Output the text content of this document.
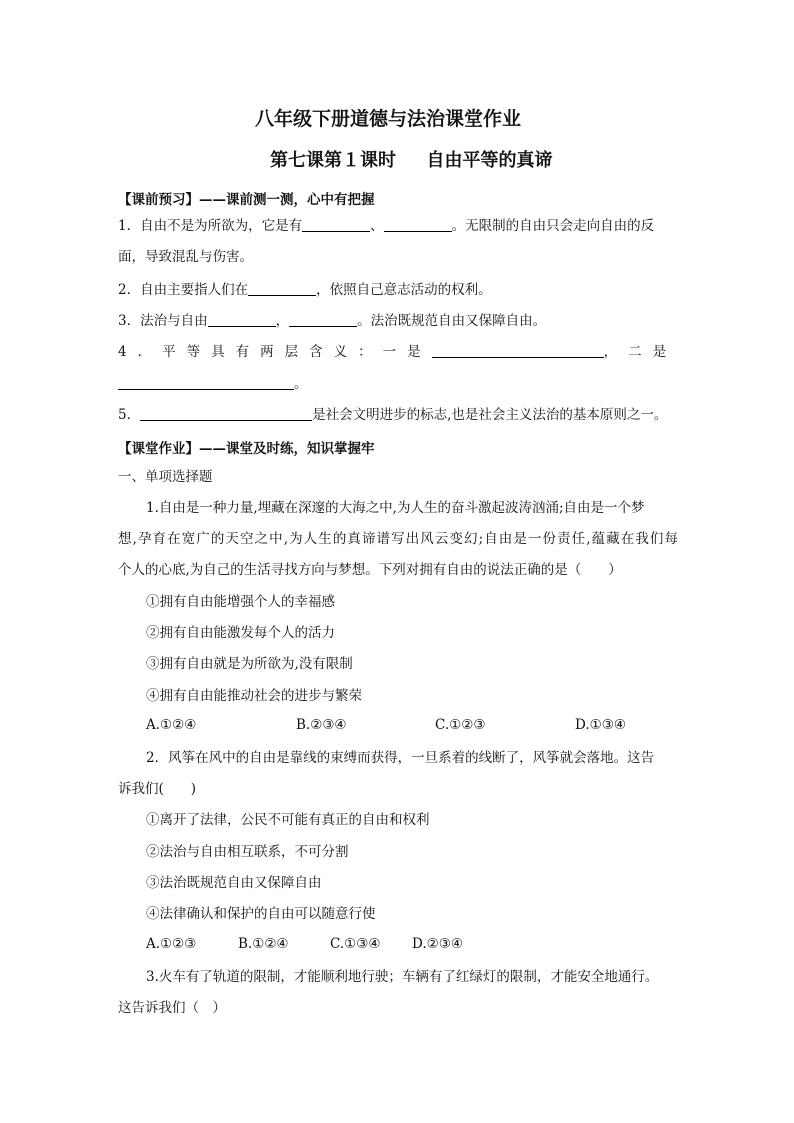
八年级下册道德与法治课堂作业
第七课第１课时 　 自由平等的真谛
【课前预习】——课前测一测，心中有把握
1．自由不是为所欲为，它是有	、	。无限制的自由只会走向自由的反
面，导致混乱与伤害。
2．自由主要指人们在	，依照自己意志活动的权利。
3．法治与自由	，	。法治既规范自由又保障自由。
4．平等具有两层含义：一是	，二是
。
5．	是社会文明进步的标志,也是社会主义法治的基本原则之一。
【课堂作业】——课堂及时练，知识掌握牢
一、单项选择题
1.自由是一种力量,埋藏在深邃的大海之中,为人生的奋斗激起波涛汹涌;自由是一个梦
想,孕育在宽广的天空之中,为人生的真谛谱写出风云变幻;自由是一份责任,蕴藏在我们每
个人的心底,为自己的生活寻找方向与梦想。下列对拥有自由的说法正确的是（　　）
①拥有自由能增强个人的幸福感
②拥有自由能激发每个人的活力
③拥有自由就是为所欲为,没有限制
④拥有自由能推动社会的进步与繁荣
A.①②④	B.②③④	C.①②③	D.①③④
2．风筝在风中的自由是靠线的束缚而获得，一旦系着的线断了，风筝就会落地。这告
诉我们(　　)
①离开了法律，公民不可能有真正的自由和权利
②法治与自由相互联系，不可分割
③法治既规范自由又保障自由
④法律确认和保护的自由可以随意行使
A.①②③	B.①②④	C.①③④ D.②③④
3.火车有了轨道的限制，才能顺利地行驶；车辆有了红绿灯的限制，才能安全地通行。
这告诉我们（　）
